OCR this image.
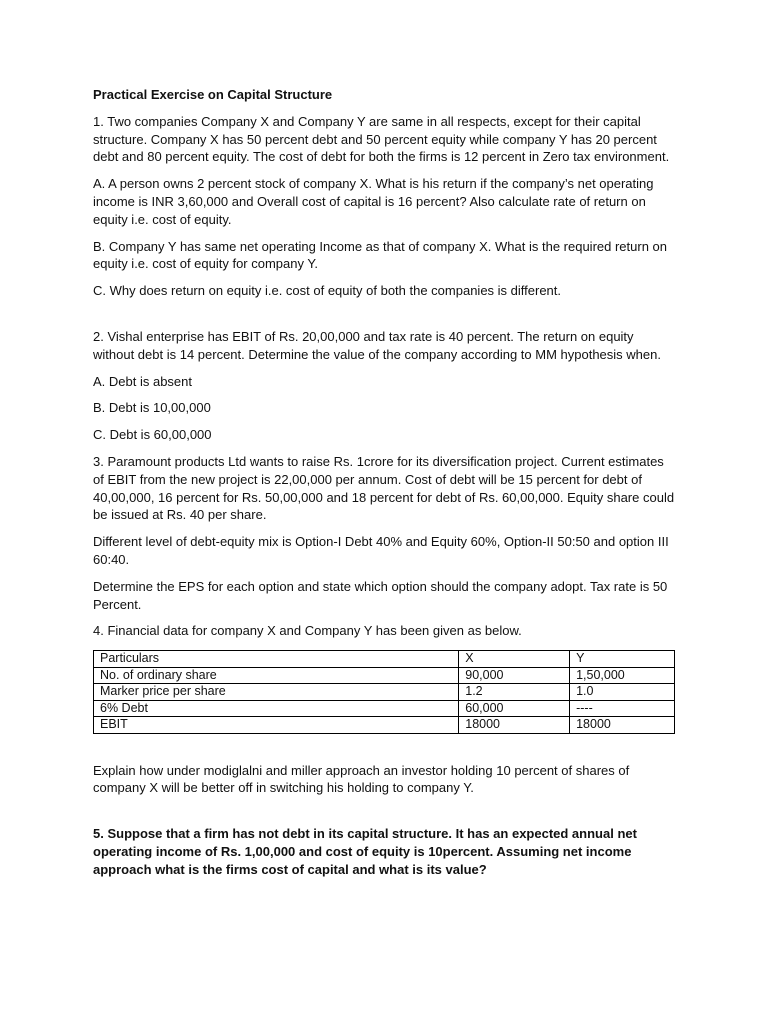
Practical Exercise on Capital Structure

1. Two companies Company X and Company Y are same in all respects, except for their capital structure. Company X has 50 percent debt and 50 percent equity while company Y has 20 percent debt and 80 percent equity. The cost of debt for both the firms is 12 percent in Zero tax environment.

A. A person owns 2 percent stock of company X. What is his return if the company’s net operating income is INR 3,60,000 and Overall cost of capital is 16 percent? Also calculate rate of return on equity i.e. cost of equity.

B. Company Y has same net operating Income as that of company X. What is the required return on equity i.e. cost of equity for company Y.

C. Why does return on equity i.e. cost of equity of both the companies is different.

2. Vishal enterprise has EBIT of Rs. 20,00,000 and tax rate is 40 percent. The return on equity without debt is 14 percent. Determine the value of the company according to MM hypothesis when.

A. Debt is absent

B. Debt is 10,00,000

C. Debt is 60,00,000

3. Paramount products Ltd wants to raise Rs. 1crore for its diversification project. Current estimates of EBIT from the new project is 22,00,000 per annum. Cost of debt will be 15 percent for debt of 40,00,000, 16 percent for Rs. 50,00,000 and 18 percent for debt of Rs. 60,00,000. Equity share could be issued at Rs. 40 per share.

Different level of debt-equity mix is Option-I Debt 40% and Equity 60%, Option-II 50:50 and option III 60:40.

Determine the EPS for each option and state which option should the company adopt. Tax rate is 50 Percent.

4. Financial data for company X and Company Y has been given as below.

Particulars	X	Y
No. of ordinary share	90,000	1,50,000
Marker price per share	1.2	1.0
6% Debt	60,000	----
EBIT	18000	18000

Explain how under modiglalni and miller approach an investor holding 10 percent of shares of company X will be better off in switching his holding to company Y.

5. Suppose that a firm has not debt in its capital structure. It has an expected annual net operating income of Rs. 1,00,000 and cost of equity is 10percent. Assuming net income approach what is the firms cost of capital and what is its value?
